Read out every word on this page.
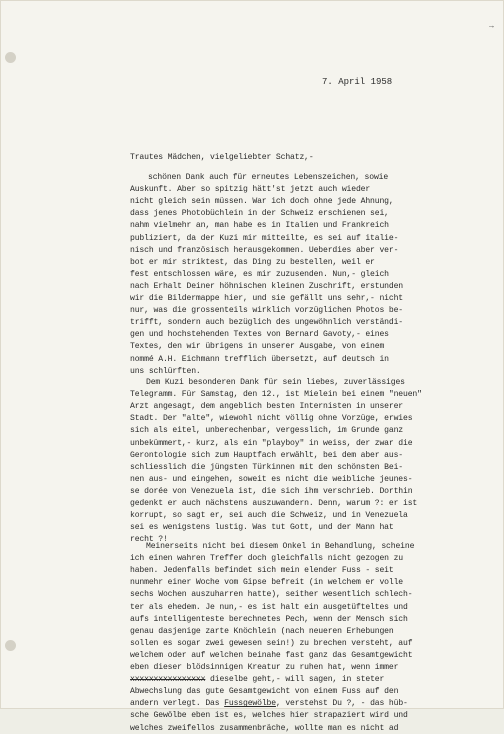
→
7. April 1958
Trautes Mädchen, vielgeliebter Schatz,-
schönen Dank auch für erneutes Lebenszeichen, sowie
Auskunft. Aber so spitzig hätt'st jetzt auch wieder
nicht gleich sein müssen. War ich doch ohne jede Ahnung,
dass jenes Photobüchlein in der Schweiz erschienen sei,
nahm vielmehr an, man habe es in Italien und Frankreich
publiziert, da der Kuzi mir mitteilte, es sei auf italie-
nisch und französisch herausgekommen. Ueberdies aber ver-
bot er mir striktest, das Ding zu bestellen, weil er
fest entschlossen wäre, es mir zuzusenden. Nun,- gleich
nach Erhalt Deiner höhnischen kleinen Zuschrift, erstunden
wir die Bildermappe hier, und sie gefällt uns sehr,- nicht
nur, was die grossenteils wirklich vorzüglichen Photos be-
trifft, sondern auch bezüglich des ungewöhnlich verständi-
gen und hochstehenden Textes von Bernard Gavoty,- eines
Textes, den wir übrigens in unserer Ausgabe, von einem
nommé A.H. Eichmann trefflich übersetzt, auf deutsch in
uns schlürften.
Dem Kuzi besonderen Dank für sein liebes, zuverlässiges
Telegramm. Für Samstag, den 12., ist Mielein bei einem "neuen"
Arzt angesagt, dem angeblich besten Internisten in unserer
Stadt. Der "alte", wiewohl nicht völlig ohne Vorzüge, erwies
sich als eitel, unberechenbar, vergesslich, im Grunde ganz
unbekümmert,- kurz, als ein "playboy" in weiss, der zwar die
Gerontologie sich zum Hauptfach erwählt, bei dem aber aus-
schliesslich die jüngsten Türkinnen mit den schönsten Bei-
nen aus- und eingehen, soweit es nicht die weibliche jeunes-
se dorée von Venezuela ist, die sich ihm verschrieb. Dorthin
gedenkt er auch nächstens auszuwandern. Denn, warum ?: er ist
korrupt, so sagt er, sei auch die Schweiz, und in Venezuela
sei es wenigstens lustig. Was tut Gott, und der Mann hat
recht ?!
Meinerseits nicht bei diesem Onkel in Behandlung, scheine
ich einen wahren Treffer doch gleichfalls nicht gezogen zu
haben. Jedenfalls befindet sich mein elender Fuss - seit
nunmehr einer Woche vom Gipse befreit (in welchem er volle
sechs Wochen auszuharren hatte), seither wesentlich schlech-
ter als ehedem. Je nun,- es ist halt ein ausgetüfteltes und
aufs intelligenteste berechnetes Pech, wenn der Mensch sich
genau dasjenige zarte Knöchlein (nach neueren Erhebungen
sollen es sogar zwei gewesen sein!) zu brechen versteht, auf
welchem oder auf welchen beinahe fast ganz das Gesamtgewicht
eben dieser blödsinnigen Kreatur zu ruhen hat, wenn immer
xxxxxxxxxxxxxxxx dieselbe geht,- will sagen, in steter
Abwechslung das gute Gesamtgewicht von einem Fuss auf den
andern verlegt. Das Fussgewölbe, verstehst Du ?, - das hüb-
sche Gewölbe eben ist es, welches hier strapaziert wird und
welches zweifellos zusammenbräche, wollte man es nicht ad
